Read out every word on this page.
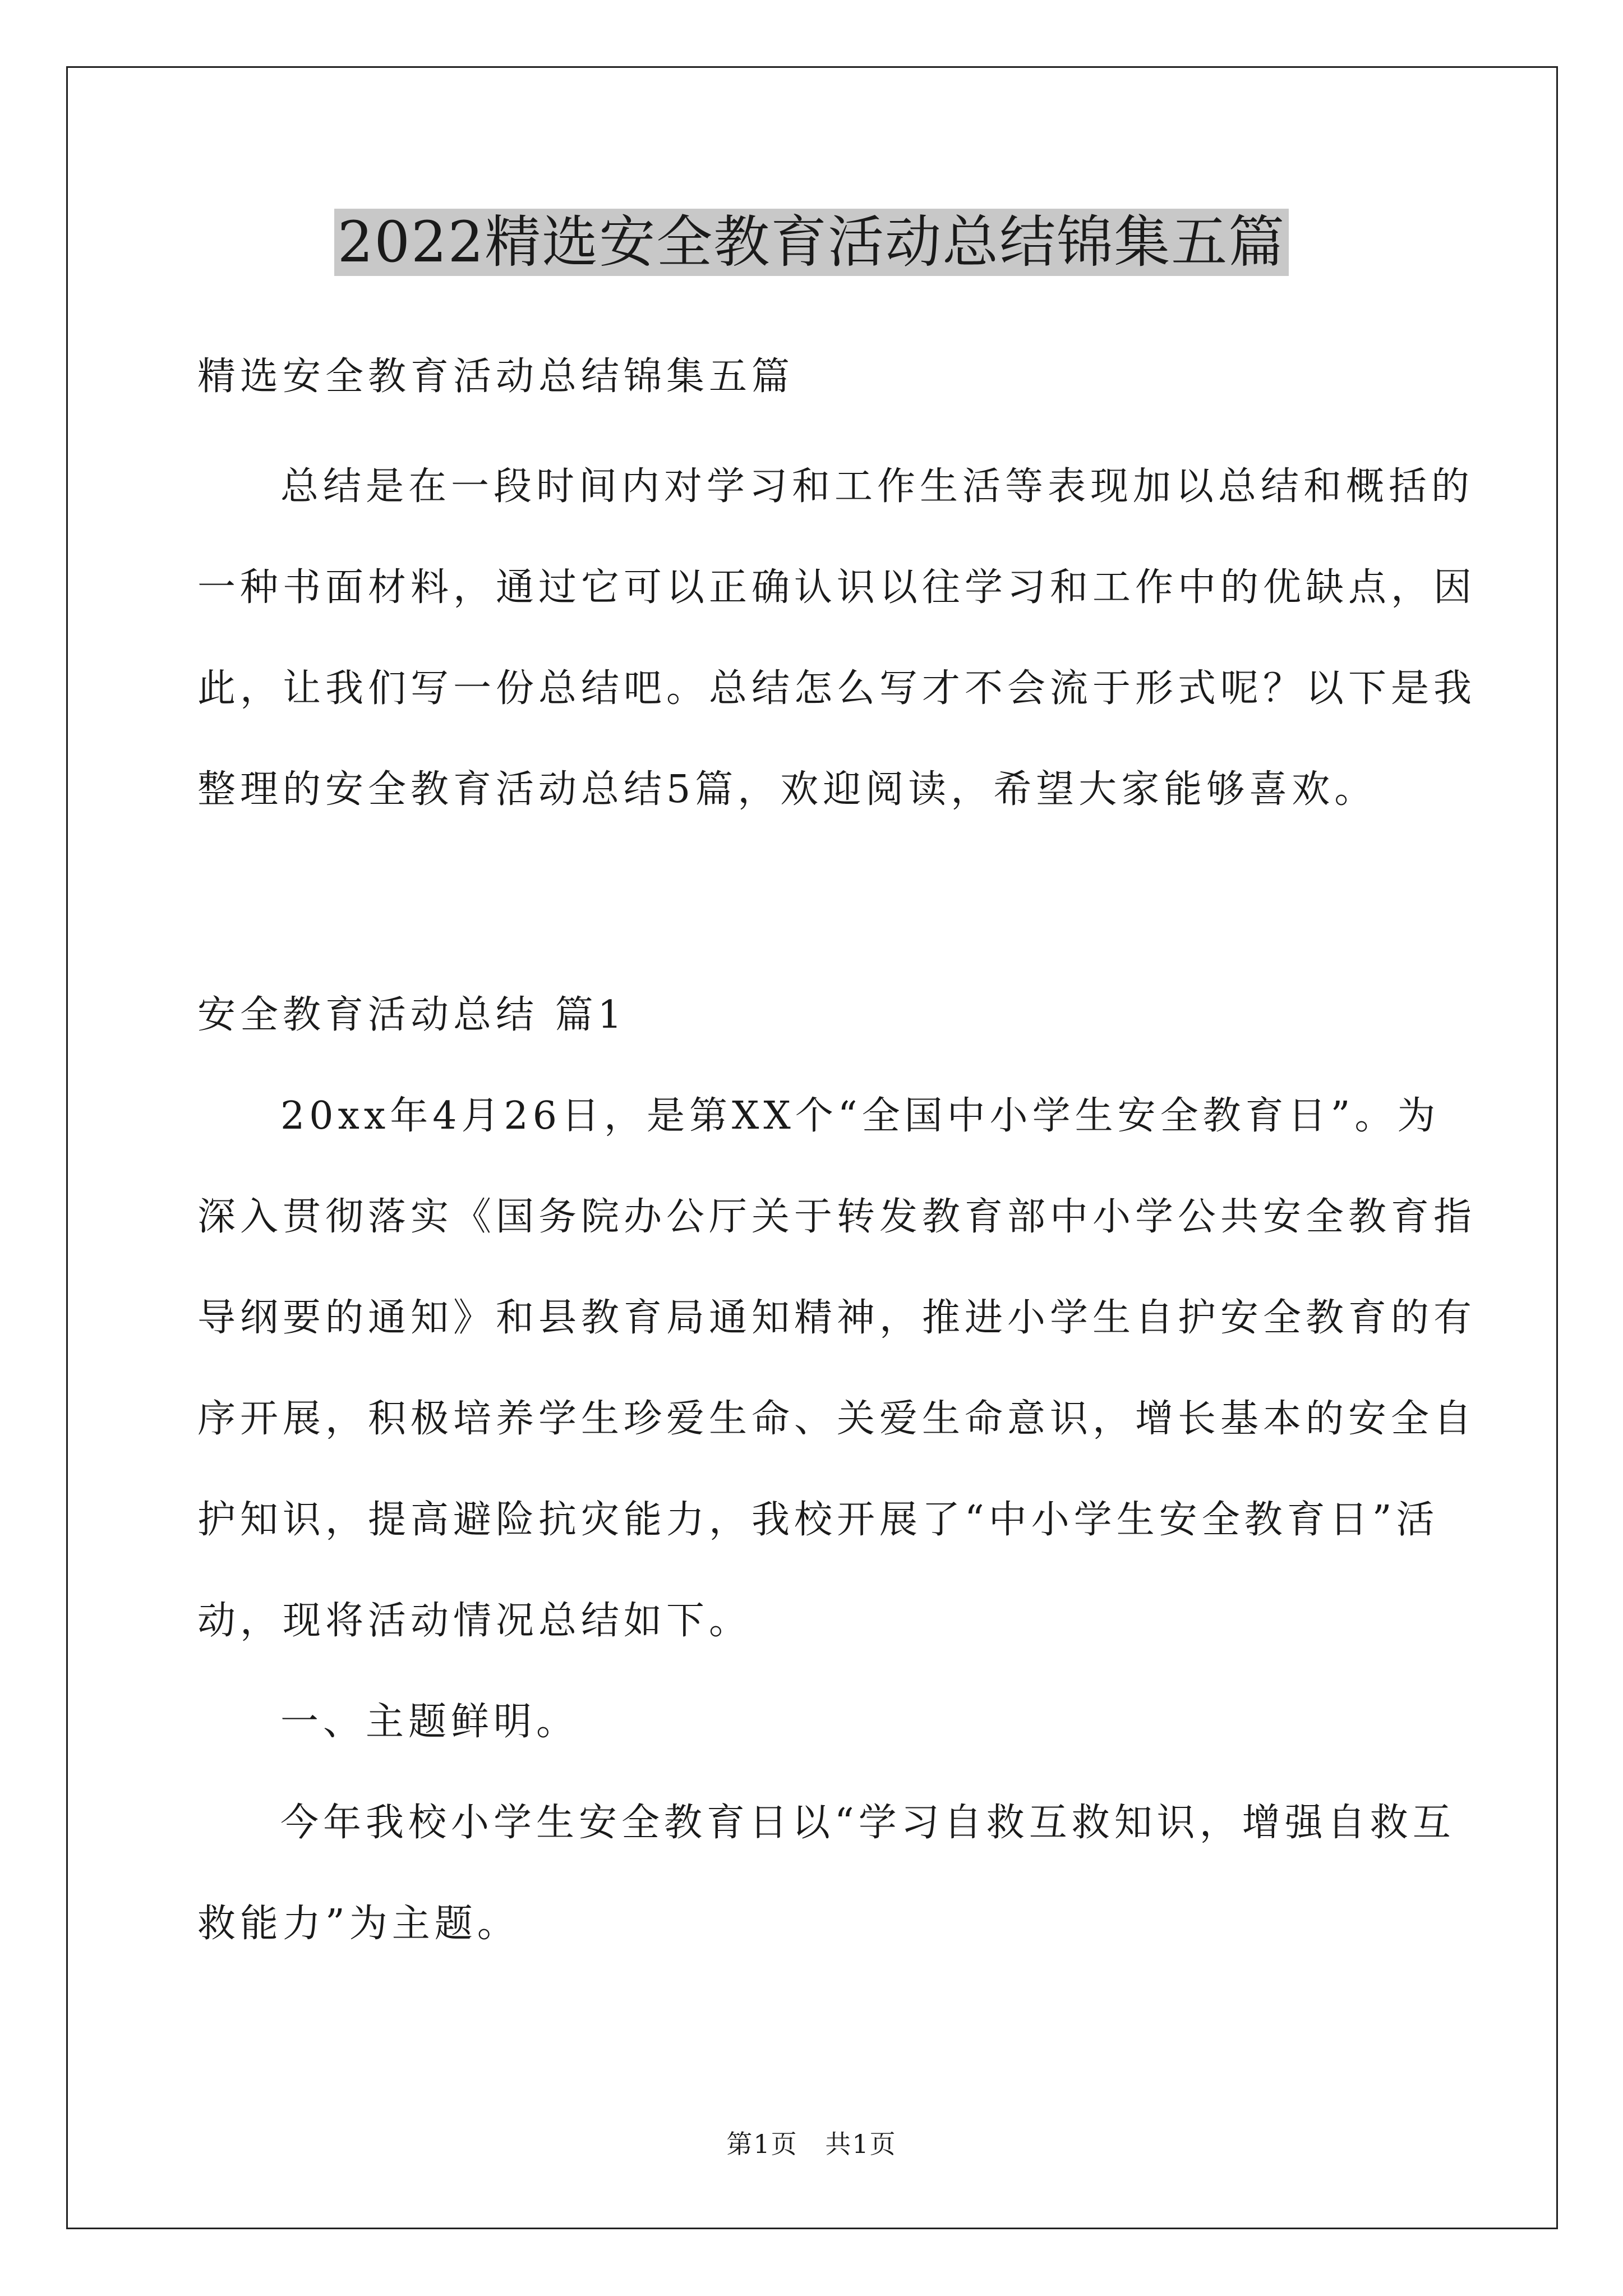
2022精选安全教育活动总结锦集五篇
精选安全教育活动总结锦集五篇
总结是在一段时间内对学习和工作生活等表现加以总结和概括的
一种书面材料，通过它可以正确认识以往学习和工作中的优缺点，因
此，让我们写一份总结吧。总结怎么写才不会流于形式呢？以下是我
整理的安全教育活动总结5篇，欢迎阅读，希望大家能够喜欢。
安全教育活动总结 篇1
20xx年4月26日，是第XX个“全国中小学生安全教育日”。为
深入贯彻落实《国务院办公厅关于转发教育部中小学公共安全教育指
导纲要的通知》和县教育局通知精神，推进小学生自护安全教育的有
序开展，积极培养学生珍爱生命、关爱生命意识，增长基本的安全自
护知识，提高避险抗灾能力，我校开展了“中小学生安全教育日”活
动，现将活动情况总结如下。
一、主题鲜明。
今年我校小学生安全教育日以“学习自救互救知识，增强自救互
救能力”为主题。
第1页 共1页
